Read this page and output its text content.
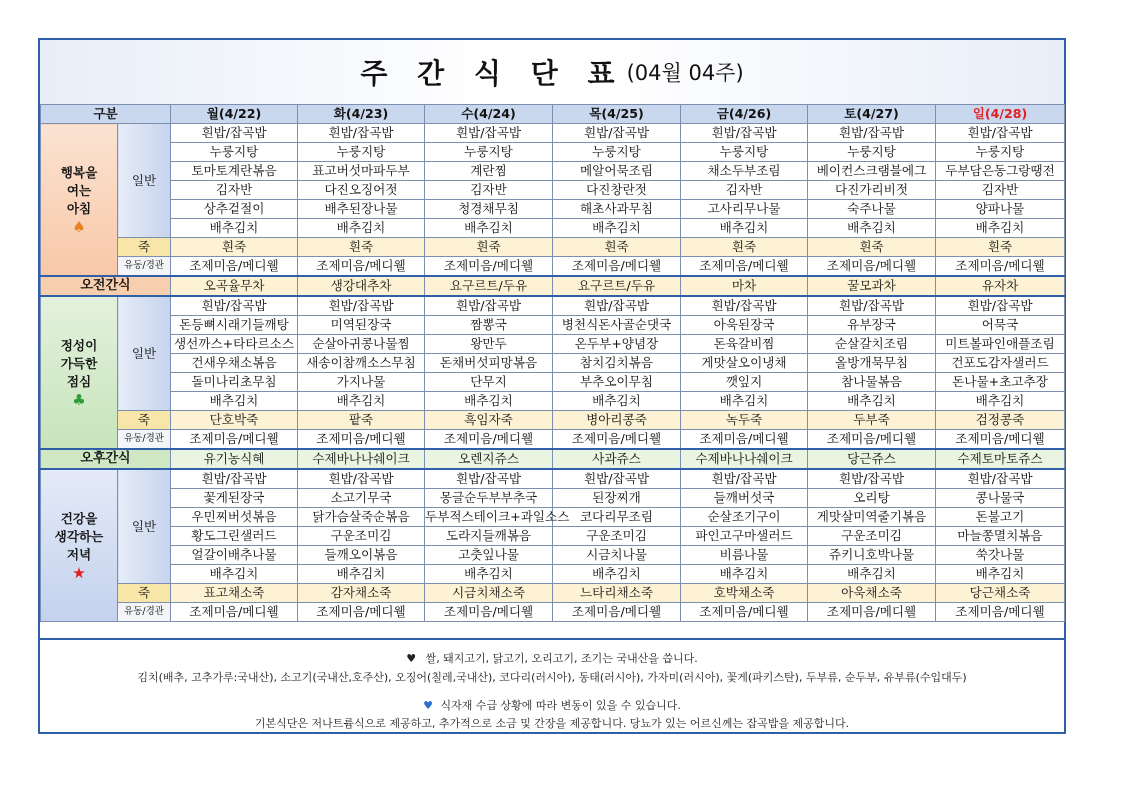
주 간 식 단 표 (04월 04주)
구분		월(4/22)	화(4/23)	수(4/24)	목(4/25)	금(4/26)	토(4/27)	일(4/28)

행복을
여는
아침
♠	일반	흰밥/잡곡밥	흰밥/잡곡밥	흰밥/잡곡밥	흰밥/잡곡밥	흰밥/잡곡밥	흰밥/잡곡밥	흰밥/잡곡밥
		누룽지탕	누룽지탕	누룽지탕	누룽지탕	누룽지탕	누룽지탕	누룽지탕
		토마토계란볶음	표고버섯마파두부	계란찜	메알어묵조림	채소두부조림	베이컨스크램블에그	두부담은동그랑땡전
		김자반	다진오징어젓	김자반	다진창란젓	김자반	다진가리비젓	김자반
		상추겉절이	배추된장나물	청경채무침	해초사과무침	고사리무나물	숙주나물	양파나물
		배추김치	배추김치	배추김치	배추김치	배추김치	배추김치	배추김치
	죽	흰죽	흰죽	흰죽	흰죽	흰죽	흰죽	흰죽
	유동/경관	조제미음/메디웰	조제미음/메디웰	조제미음/메디웰	조제미음/메디웰	조제미음/메디웰	조제미음/메디웰	조제미음/메디웰
오전간식		오곡율무차	생강대추차	요구르트/두유	요구르트/두유	마차	꿀모과차	유자차

정성이
가득한
점심
♣	일반	흰밥/잡곡밥	흰밥/잡곡밥	흰밥/잡곡밥	흰밥/잡곡밥	흰밥/잡곡밥	흰밥/잡곡밥	흰밥/잡곡밥
		돈등뼈시래기들깨탕	미역된장국	짬뽕국	병천식돈사골순댓국	아욱된장국	유부장국	어묵국
		생선까스+타타르소스	순살아귀콩나물찜	왕만두	온두부+양념장	돈육갈비찜	순살갈치조림	미트볼파인애플조림
		건새우채소볶음	새송이참깨소스무침	돈채버섯피망볶음	참치김치볶음	게맛살오이냉채	올방개묵무침	건포도감자샐러드
		돌미나리초무침	가지나물	단무지	부추오이무침	깻잎지	참나물볶음	돈나물+초고추장
		배추김치	배추김치	배추김치	배추김치	배추김치	배추김치	배추김치
	죽	단호박죽	팥죽	흑임자죽	병아리콩죽	녹두죽	두부죽	검정콩죽
	유동/경관	조제미음/메디웰	조제미음/메디웰	조제미음/메디웰	조제미음/메디웰	조제미음/메디웰	조제미음/메디웰	조제미음/메디웰
오후간식		유기농식혜	수제바나나쉐이크	오렌지쥬스	사과쥬스	수제바나나쉐이크	당근쥬스	수제토마토쥬스

건강을
생각하는
저녁
★	일반	흰밥/잡곡밥	흰밥/잡곡밥	흰밥/잡곡밥	흰밥/잡곡밥	흰밥/잡곡밥	흰밥/잡곡밥	흰밥/잡곡밥
		꽃게된장국	소고기무국	몽글순두부부추국	된장찌개	들깨버섯국	오리탕	콩나물국
		우민찌버섯볶음	닭가슴살죽순볶음	두부적스테이크+과일소스	코다리무조림	순살조기구이	게맛살미역줄기볶음	돈불고기
		황도그린샐러드	구운조미김	도라지들깨볶음	구운조미김	파인고구마샐러드	구운조미김	마늘쫑멸치볶음
		얼갈이배추나물	들깨오이볶음	고춧잎나물	시금치나물	비름나물	쥬키니호박나물	쑥갓나물
		배추김치	배추김치	배추김치	배추김치	배추김치	배추김치	배추김치
	죽	표고채소죽	감자채소죽	시금치채소죽	느타리채소죽	호박채소죽	아욱채소죽	당근채소죽
	유동/경관	조제미음/메디웰	조제미음/메디웰	조제미음/메디웰	조제미음/메디웰	조제미음/메디웰	조제미음/메디웰	조제미음/메디웰
♥ 쌀, 돼지고기, 닭고기, 오리고기, 조기는 국내산을 씁니다.
김치(배추, 고추가루:국내산), 소고기(국내산,호주산), 오징어(칠레,국내산), 코다리(러시아), 동태(러시아), 가자미(러시아), 꽃게(파키스탄), 두부류, 순두부, 유부류(수입대두)
♥ 식자재 수급 상황에 따라 변동이 있을 수 있습니다.
기본식단은 저나트륨식으로 제공하고, 추가적으로 소금 및 간장을 제공합니다. 당뇨가 있는 어르신께는 잡곡밥을 제공합니다.
